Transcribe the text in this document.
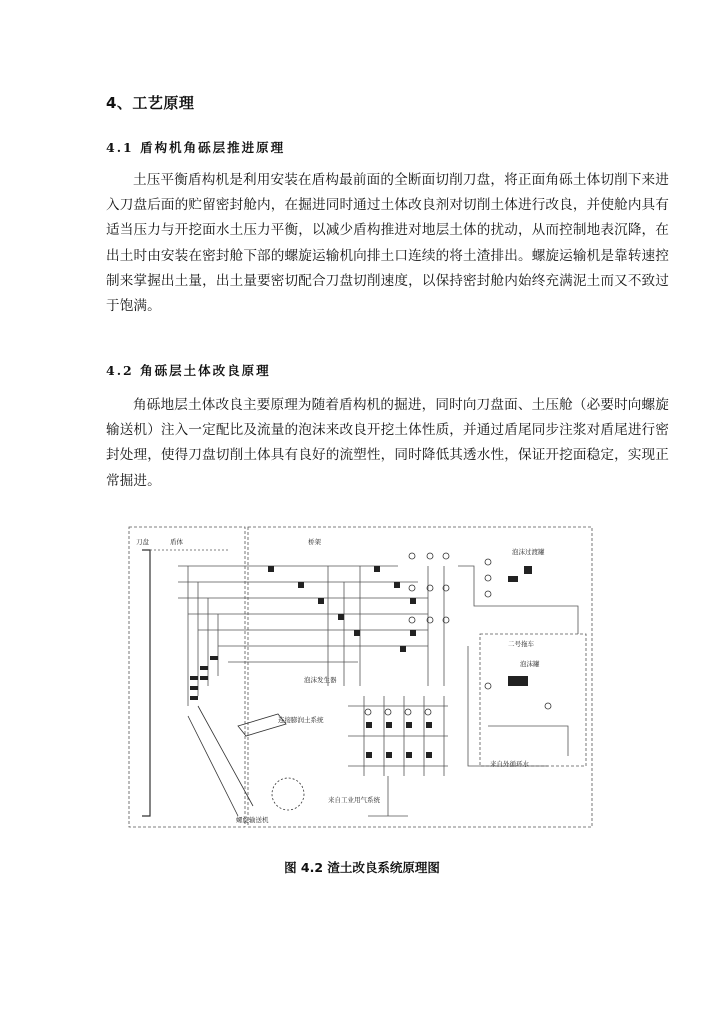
4、工艺原理
4.1 盾构机角砾层推进原理
土压平衡盾构机是利用安装在盾构最前面的全断面切削刀盘，将正面角砾土体切削下来进入刀盘后面的贮留密封舱内，在掘进同时通过土体改良剂对切削土体进行改良，并使舱内具有适当压力与开挖面水土压力平衡，以减少盾构推进对地层土体的扰动，从而控制地表沉降，在出土时由安装在密封舱下部的螺旋运输机向排土口连续的将土渣排出。螺旋运输机是靠转速控制来掌握出土量，出土量要密切配合刀盘切削速度，以保持密封舱内始终充满泥土而又不致过于饱满。
4.2 角砾层土体改良原理
角砾地层土体改良主要原理为随着盾构机的掘进，同时向刀盘面、土压舱（必要时向螺旋输送机）注入一定配比及流量的泡沫来改良开挖土体性质，并通过盾尾同步注浆对盾尾进行密封处理，使得刀盘切削土体具有良好的流塑性，同时降低其透水性，保证开挖面稳定，实现正常掘进。
刀盘	盾体	桥架
泡沫过渡罐
二号拖车
泡沫罐
泡沫发生器
连接膨润土系统
来自外循环水
来自工业用气系统
螺旋输送机
图 4.2 渣土改良系统原理图
